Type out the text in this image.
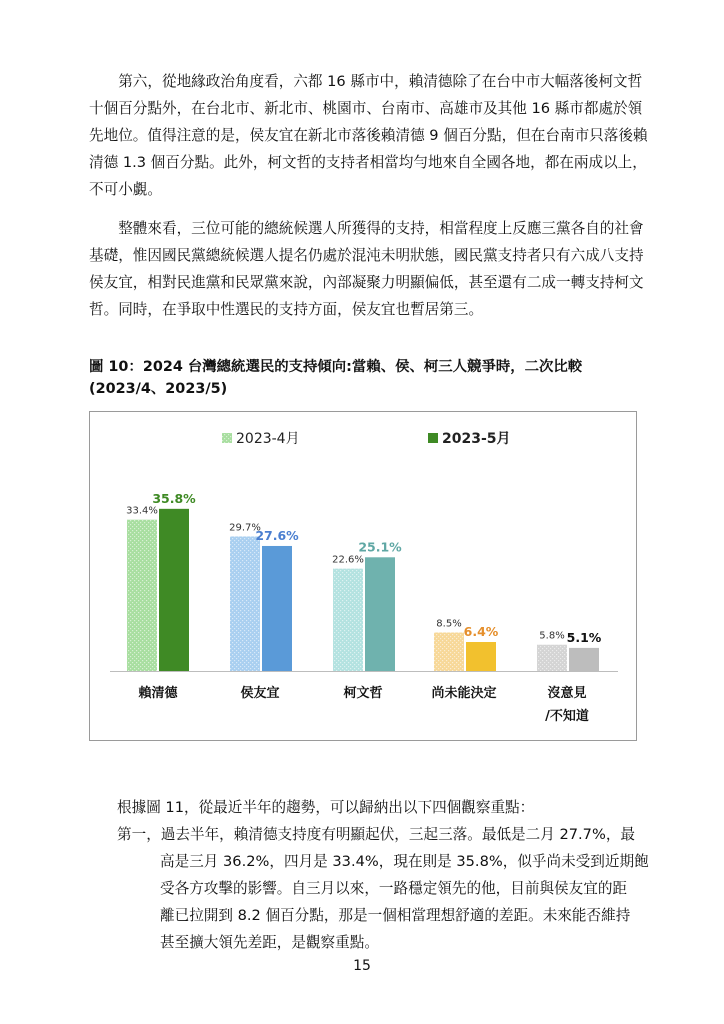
　　第六，從地緣政治角度看，六都 16 縣市中，賴清德除了在台中市大幅落後柯文哲
十個百分點外，在台北市、新北市、桃園市、台南市、高雄市及其他 16 縣市都處於領
先地位。值得注意的是，侯友宜在新北市落後賴清德 9 個百分點，但在台南市只落後賴
清德 1.3 個百分點。此外，柯文哲的支持者相當均勻地來自全國各地，都在兩成以上，
不可小覷。
　　整體來看，三位可能的總統候選人所獲得的支持，相當程度上反應三黨各自的社會
基礎，惟因國民黨總統候選人提名仍處於混沌未明狀態，國民黨支持者只有六成八支持
侯友宜，相對民進黨和民眾黨來說，內部凝聚力明顯偏低，甚至還有二成一轉支持柯文
哲。同時，在爭取中性選民的支持方面，侯友宜也暫居第三。
圖 10：2024 台灣總統選民的支持傾向:當賴、侯、柯三人競爭時，二次比較
(2023/4、2023/5)
2023-4月	2023-5月
33.4%
35.8%
賴清德
29.7%
27.6%
侯友宜
22.6%
25.1%
柯文哲
8.5%
6.4%
尚未能決定
5.8% 5.1%
沒意見
/不知道
根據圖 11，從最近半年的趨勢，可以歸納出以下四個觀察重點：
第一，過去半年，賴清德支持度有明顯起伏，三起三落。最低是二月 27.7%，最
高是三月 36.2%，四月是 33.4%，現在則是 35.8%，似乎尚未受到近期飽
受各方攻擊的影響。自三月以來，一路穩定領先的他，目前與侯友宜的距
離已拉開到 8.2 個百分點，那是一個相當理想舒適的差距。未來能否維持
甚至擴大領先差距，是觀察重點。
15
